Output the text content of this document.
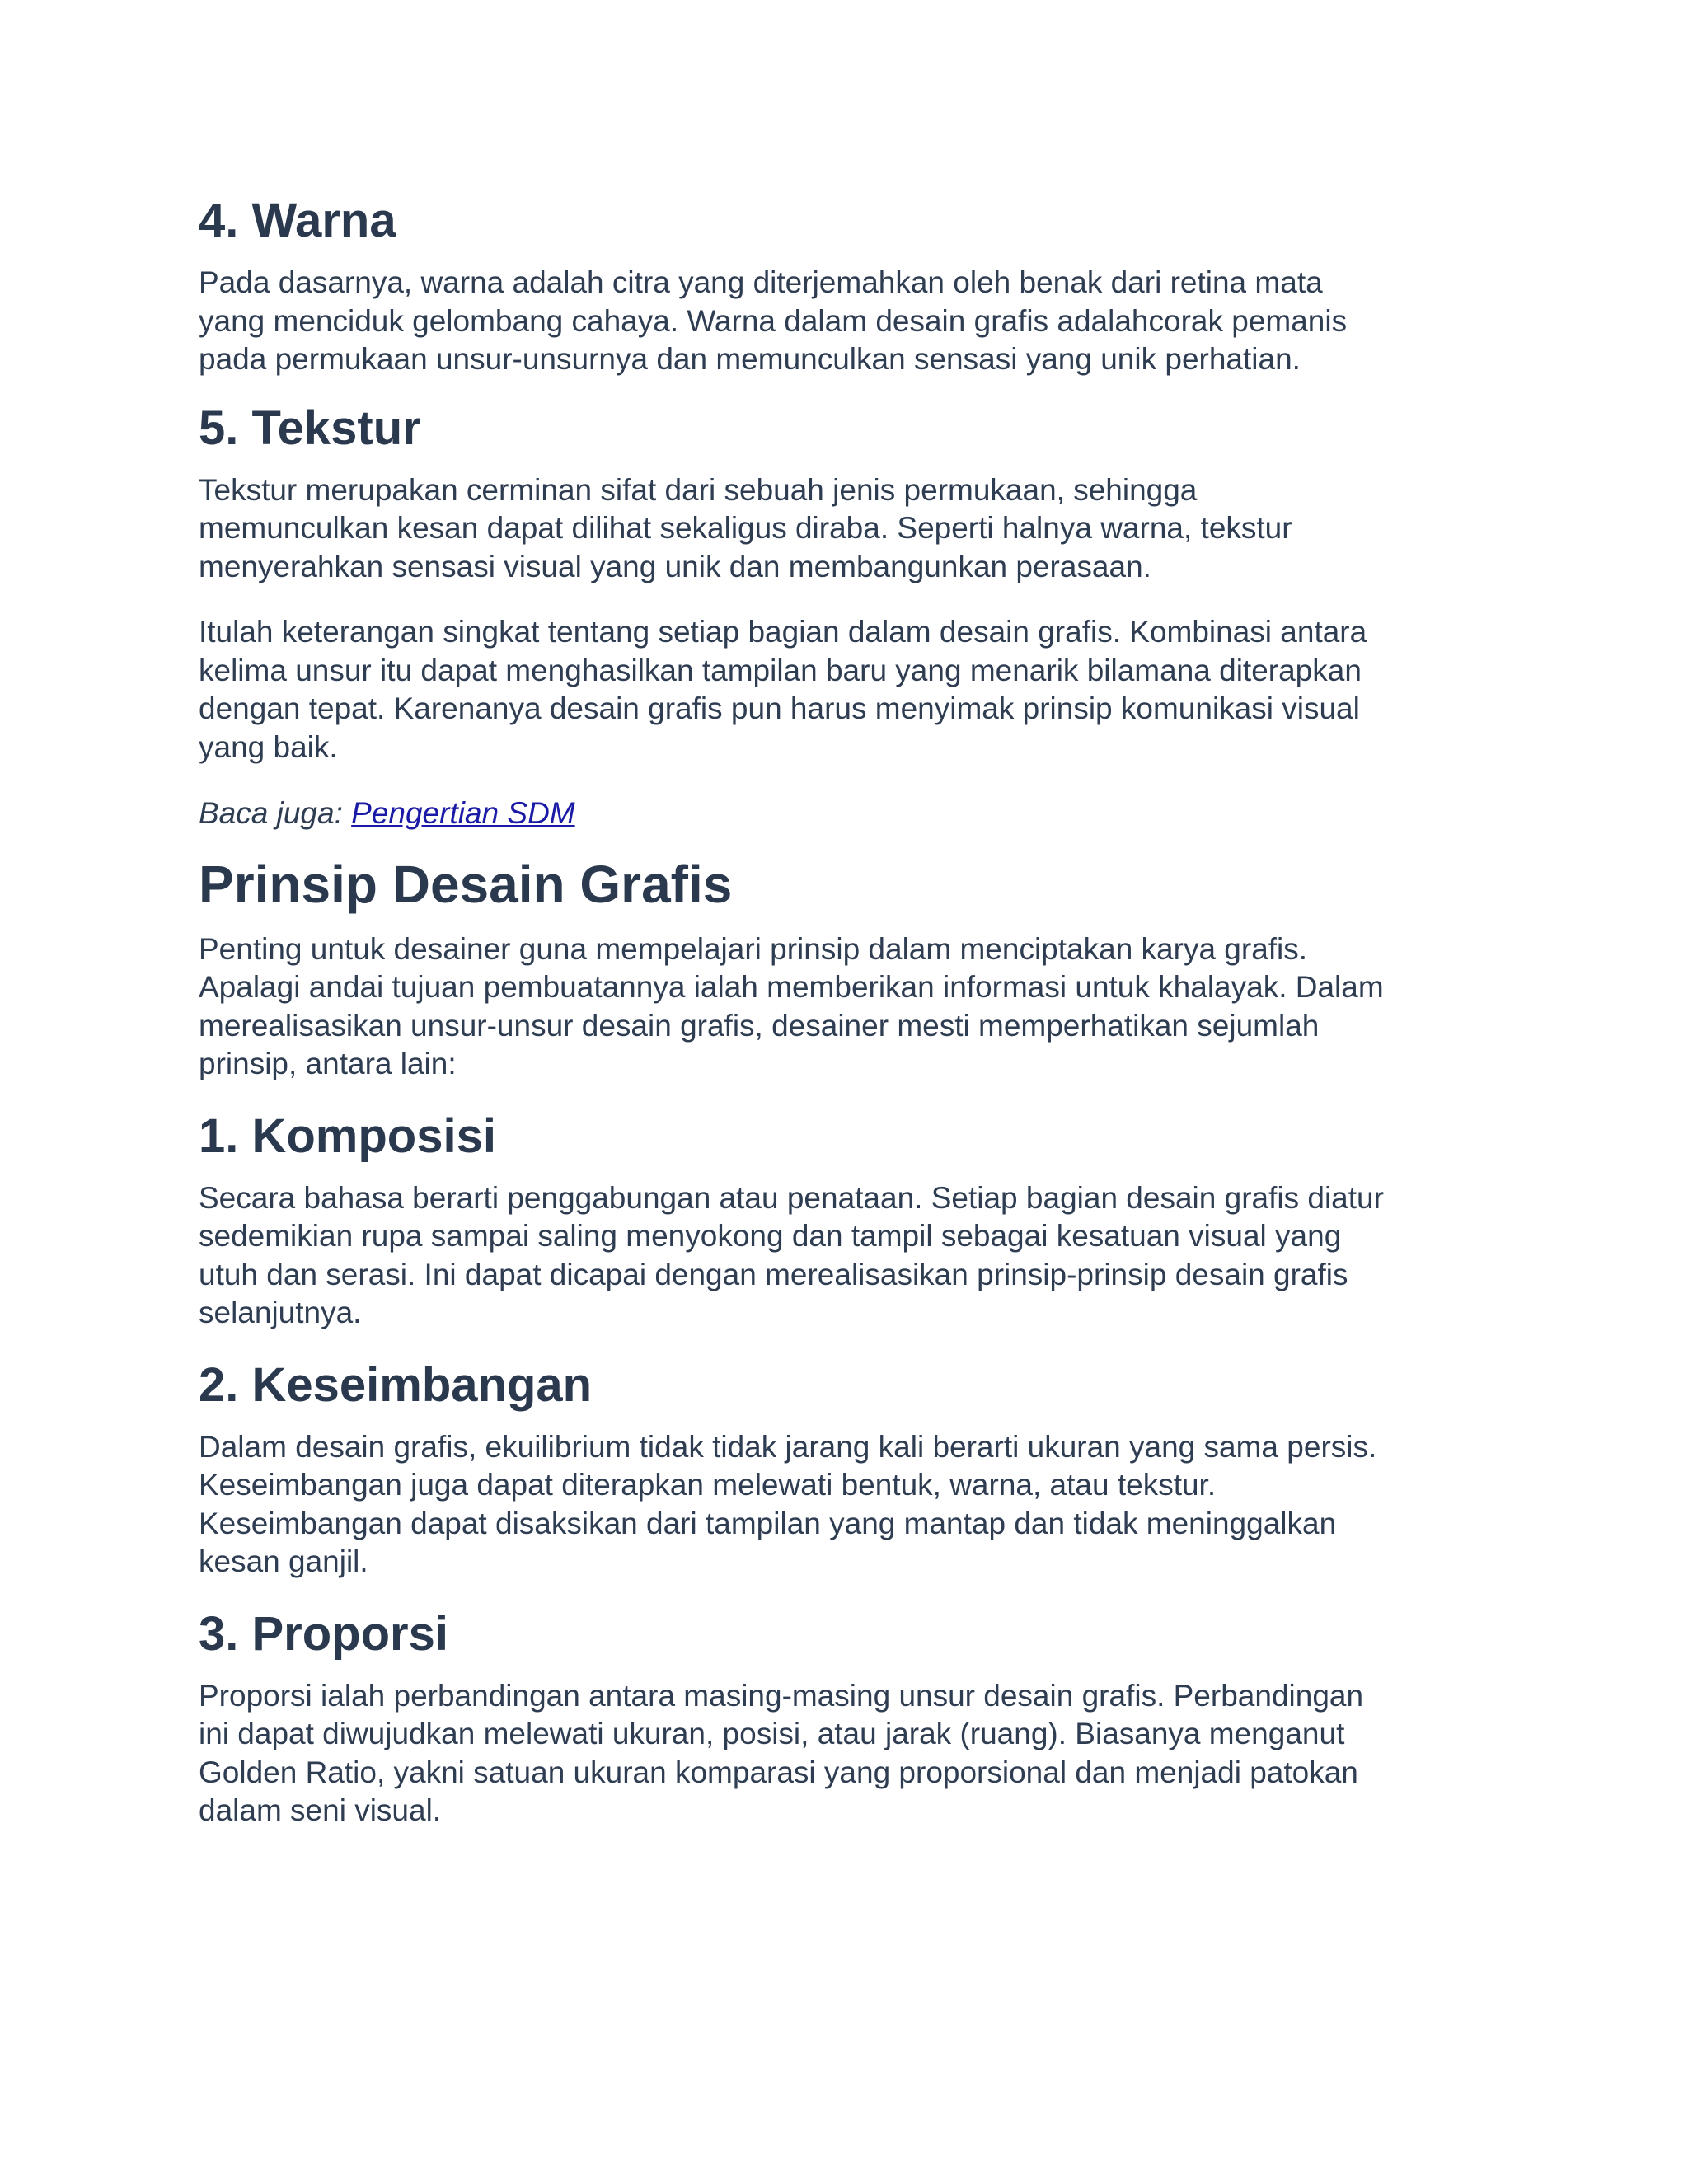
4. Warna

Pada dasarnya, warna adalah citra yang diterjemahkan oleh benak dari retina mata
yang menciduk gelombang cahaya. Warna dalam desain grafis adalahcorak pemanis
pada permukaan unsur-unsurnya dan memunculkan sensasi yang unik perhatian.

5. Tekstur

Tekstur merupakan cerminan sifat dari sebuah jenis permukaan, sehingga
memunculkan kesan dapat dilihat sekaligus diraba. Seperti halnya warna, tekstur
menyerahkan sensasi visual yang unik dan membangunkan perasaan.

Itulah keterangan singkat tentang setiap bagian dalam desain grafis. Kombinasi antara
kelima unsur itu dapat menghasilkan tampilan baru yang menarik bilamana diterapkan
dengan tepat. Karenanya desain grafis pun harus menyimak prinsip komunikasi visual
yang baik.

Baca juga: Pengertian SDM

Prinsip Desain Grafis

Penting untuk desainer guna mempelajari prinsip dalam menciptakan karya grafis.
Apalagi andai tujuan pembuatannya ialah memberikan informasi untuk khalayak. Dalam
merealisasikan unsur-unsur desain grafis, desainer mesti memperhatikan sejumlah
prinsip, antara lain:

1. Komposisi

Secara bahasa berarti penggabungan atau penataan. Setiap bagian desain grafis diatur
sedemikian rupa sampai saling menyokong dan tampil sebagai kesatuan visual yang
utuh dan serasi. Ini dapat dicapai dengan merealisasikan prinsip-prinsip desain grafis
selanjutnya.

2. Keseimbangan

Dalam desain grafis, ekuilibrium tidak tidak jarang kali berarti ukuran yang sama persis.
Keseimbangan juga dapat diterapkan melewati bentuk, warna, atau tekstur.
Keseimbangan dapat disaksikan dari tampilan yang mantap dan tidak meninggalkan
kesan ganjil.

3. Proporsi

Proporsi ialah perbandingan antara masing-masing unsur desain grafis. Perbandingan
ini dapat diwujudkan melewati ukuran, posisi, atau jarak (ruang). Biasanya menganut
Golden Ratio, yakni satuan ukuran komparasi yang proporsional dan menjadi patokan
dalam seni visual.
